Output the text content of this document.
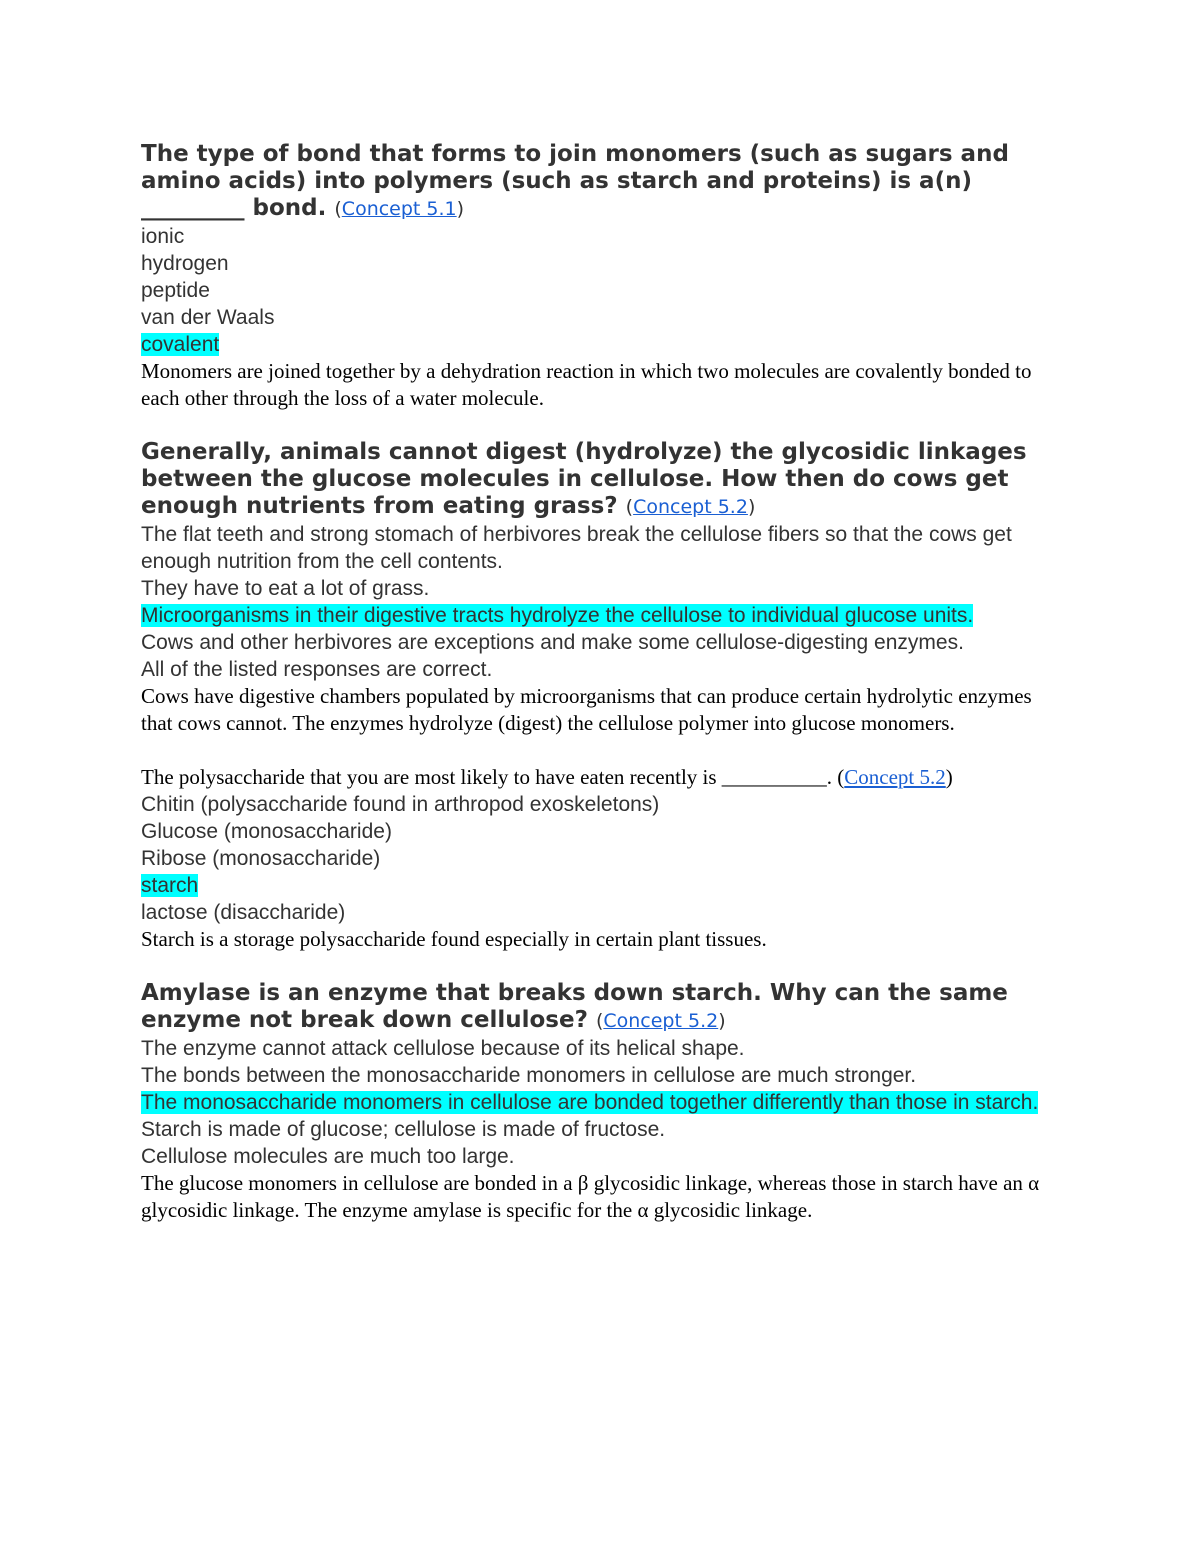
The type of bond that forms to join monomers (such as sugars and amino acids) into polymers (such as starch and proteins) is a(n) _________ bond. (Concept 5.1)

ionic
hydrogen
peptide
van der Waals
covalent

Monomers are joined together by a dehydration reaction in which two molecules are covalently bonded to each other through the loss of a water molecule.

Generally, animals cannot digest (hydrolyze) the glycosidic linkages between the glucose molecules in cellulose. How then do cows get enough nutrients from eating grass? (Concept 5.2)

The flat teeth and strong stomach of herbivores break the cellulose fibers so that the cows get enough nutrition from the cell contents.
They have to eat a lot of grass.
Microorganisms in their digestive tracts hydrolyze the cellulose to individual glucose units.
Cows and other herbivores are exceptions and make some cellulose-digesting enzymes.
All of the listed responses are correct.

Cows have digestive chambers populated by microorganisms that can produce certain hydrolytic enzymes that cows cannot. The enzymes hydrolyze (digest) the cellulose polymer into glucose monomers.

The polysaccharide that you are most likely to have eaten recently is __________. (Concept 5.2)

Chitin (polysaccharide found in arthropod exoskeletons)
Glucose (monosaccharide)
Ribose (monosaccharide)
starch
lactose (disaccharide)

Starch is a storage polysaccharide found especially in certain plant tissues.

Amylase is an enzyme that breaks down starch. Why can the same enzyme not break down cellulose? (Concept 5.2)

The enzyme cannot attack cellulose because of its helical shape.
The bonds between the monosaccharide monomers in cellulose are much stronger.
The monosaccharide monomers in cellulose are bonded together differently than those in starch.
Starch is made of glucose; cellulose is made of fructose.
Cellulose molecules are much too large.

The glucose monomers in cellulose are bonded in a β glycosidic linkage, whereas those in starch have an α glycosidic linkage. The enzyme amylase is specific for the α glycosidic linkage.
